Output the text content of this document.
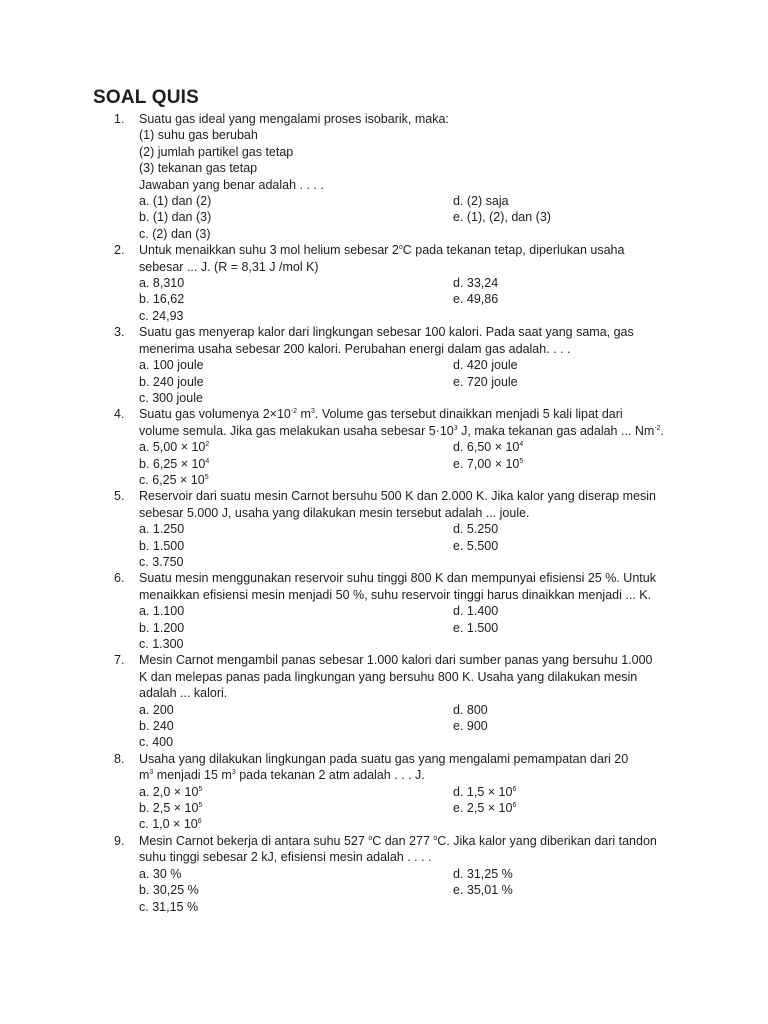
SOAL QUIS
1.	Suatu gas ideal yang mengalami proses isobarik, maka:
(1) suhu gas berubah
(2) jumlah partikel gas tetap
(3) tekanan gas tetap
Jawaban yang benar adalah . . . .
a. (1) dan (2)	d. (2) saja
b. (1) dan (3)	e. (1), (2), dan (3)
c. (2) dan (3)
2.	Untuk menaikkan suhu 3 mol helium sebesar 2$^o$C pada tekanan tetap, diperlukan usaha
sebesar ... J. (R = 8,31 J /mol K)
a. 8,310	d. 33,24
b. 16,62	e. 49,86
c. 24,93
3.	Suatu gas menyerap kalor dari lingkungan sebesar 100 kalori. Pada saat yang sama, gas
menerima usaha sebesar 200 kalori. Perubahan energi dalam gas adalah. . . .
a. 100 joule	d. 420 joule
b. 240 joule	e. 720 joule
c. 300 joule
4.	Suatu gas volumenya $2\times 10^{-2}$ $m^3$. Volume gas tersebut dinaikkan menjadi 5 kali lipat dari
volume semula. Jika gas melakukan usaha sebesar $5\cdot 10^3$ J, maka tekanan gas adalah ... $Nm^{-2}$.
a. $5,00 \times 10^2$	d. $6,50 \times 10^4$
b. $6,25 \times 10^4$	e. $7,00 \times 10^5$
c. $6,25 \times 10^5$
5.	Reservoir dari suatu mesin Carnot bersuhu 500 K dan 2.000 K. Jika kalor yang diserap mesin
sebesar 5.000 J, usaha yang dilakukan mesin tersebut adalah ... joule.
a. 1.250	d. 5.250
b. 1.500	e. 5.500
c. 3.750
6.	Suatu mesin menggunakan reservoir suhu tinggi 800 K dan mempunyai efisiensi 25 %. Untuk
menaikkan efisiensi mesin menjadi 50 %, suhu reservoir tinggi harus dinaikkan menjadi ... K.
a. 1.100	d. 1.400
b. 1.200	e. 1.500
c. 1.300
7.	Mesin Carnot mengambil panas sebesar 1.000 kalori dari sumber panas yang bersuhu 1.000
K dan melepas panas pada lingkungan yang bersuhu 800 K. Usaha yang dilakukan mesin
adalah ... kalori.
a. 200	d. 800
b. 240	e. 900
c. 400
8.	Usaha yang dilakukan lingkungan pada suatu gas yang mengalami pemampatan dari 20
$m^3$ menjadi 15 $m^3$ pada tekanan 2 atm adalah . . . J.
a. $2,0 \times 10^5$	d. $1,5 \times 10^6$
b. $2,5 \times 10^5$	e. $2,5 \times 10^6$
c. $1,0 \times 10^6$
9.	Mesin Carnot bekerja di antara suhu 527 $^o$C dan 277 $^o$C. Jika kalor yang diberikan dari tandon
suhu tinggi sebesar 2 kJ, efisiensi mesin adalah . . . .
a. 30 %	d. 31,25 %
b. 30,25 %	e. 35,01 %
c. 31,15 %
